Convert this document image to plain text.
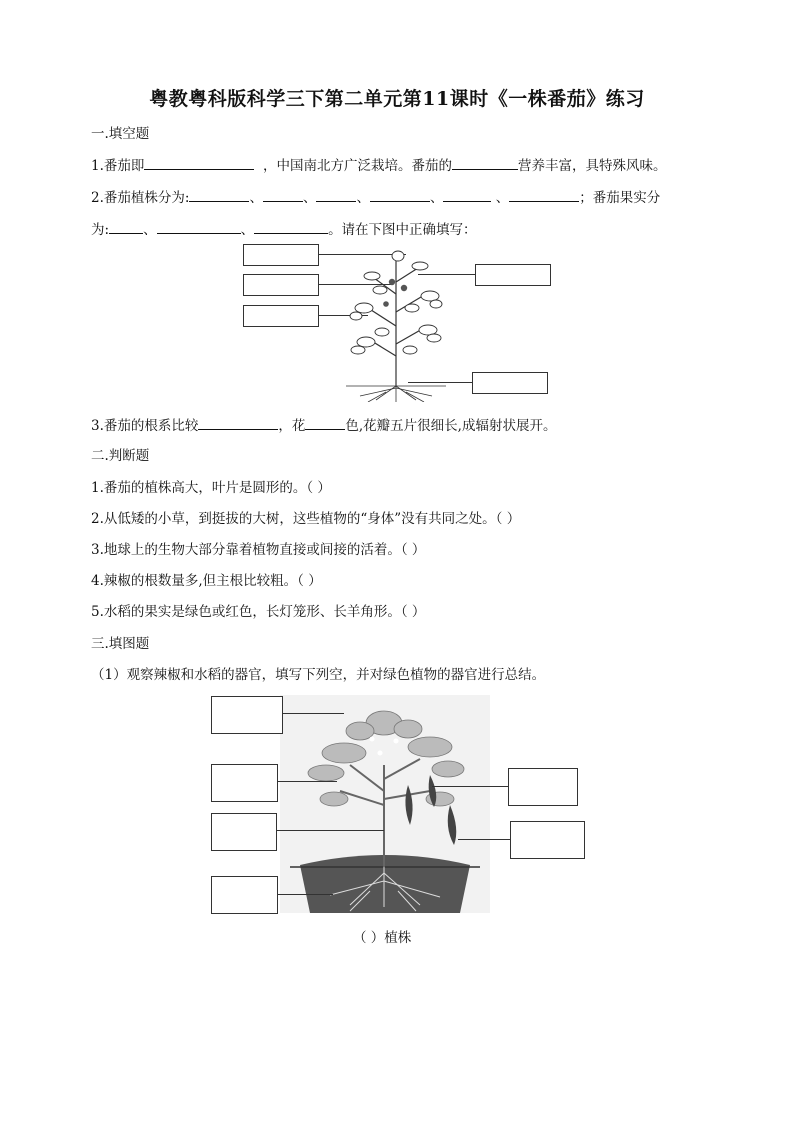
粤教粤科版科学三下第二单元第11课时《一株番茄》练习
一.填空题
1.番茄即	，中国南北方广泛栽培。番茄的	营养丰富，具特殊风味。
2.番茄植株分为:	、	、	、	、	、	；番茄果实分
为:	、	、	。请在下图中正确填写：
3.番茄的根系比较	，花	色,花瓣五片很细长,成辐射状展开。
二.判断题
1.番茄的植株高大，叶片是圆形的。（ ）
2.从低矮的小草，到挺拔的大树，这些植物的“身体”没有共同之处。（ ）
3.地球上的生物大部分靠着植物直接或间接的活着。（ ）
4.辣椒的根数量多,但主根比较粗。（ ）
5.水稻的果实是绿色或红色，长灯笼形、长羊角形。（ ）
三.填图题
（1）观察辣椒和水稻的器官，填写下列空，并对绿色植物的器官进行总结。
（ ）植株
